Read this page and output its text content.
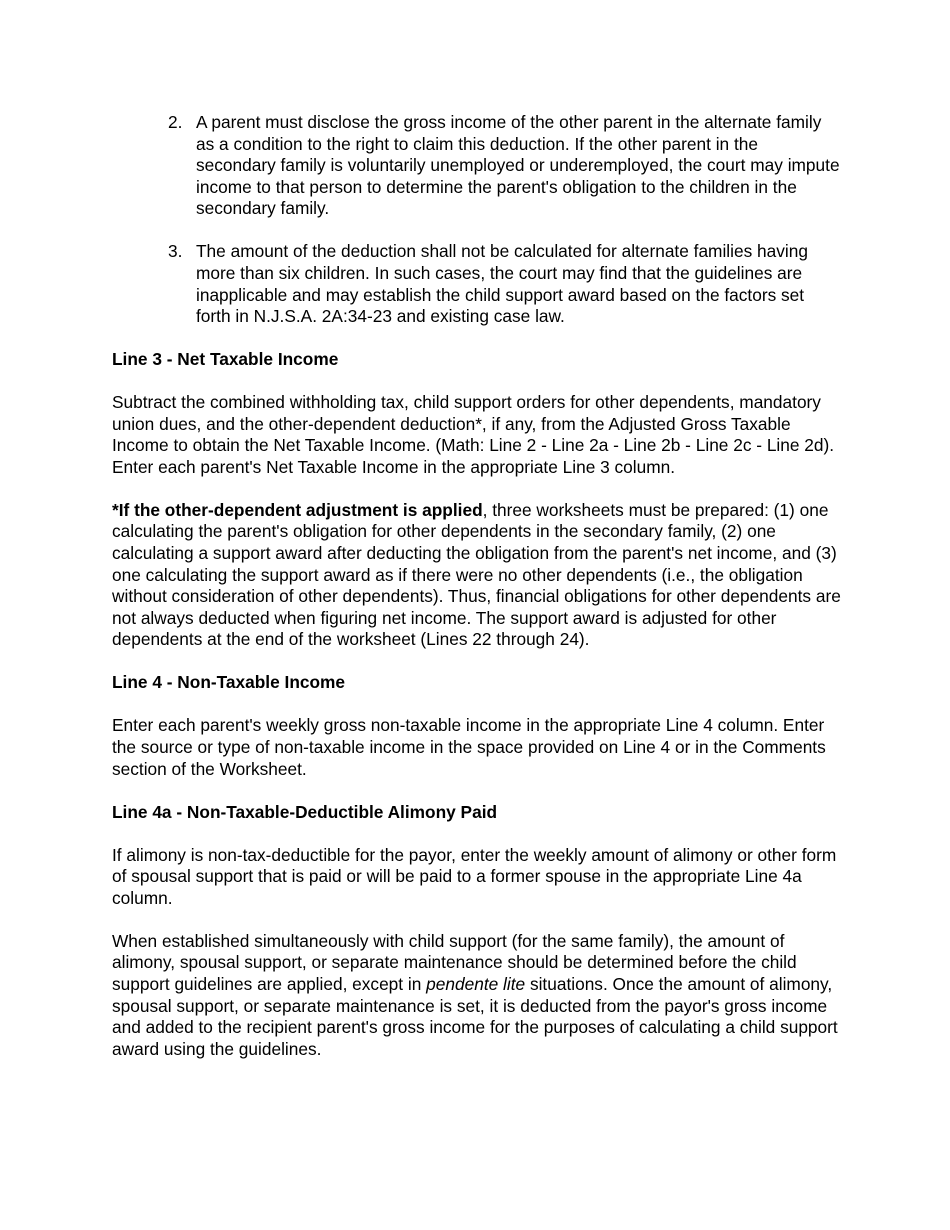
2. A parent must disclose the gross income of the other parent in the alternate family as a condition to the right to claim this deduction. If the other parent in the secondary family is voluntarily unemployed or underemployed, the court may impute income to that person to determine the parent's obligation to the children in the secondary family.
3. The amount of the deduction shall not be calculated for alternate families having more than six children. In such cases, the court may find that the guidelines are inapplicable and may establish the child support award based on the factors set forth in N.J.S.A. 2A:34-23 and existing case law.
Line 3 - Net Taxable Income

Subtract the combined withholding tax, child support orders for other dependents, mandatory union dues, and the other-dependent deduction*, if any, from the Adjusted Gross Taxable Income to obtain the Net Taxable Income. (Math: Line 2 - Line 2a - Line 2b - Line 2c - Line 2d). Enter each parent's Net Taxable Income in the appropriate Line 3 column.

*If the other-dependent adjustment is applied, three worksheets must be prepared: (1) one calculating the parent's obligation for other dependents in the secondary family, (2) one calculating a support award after deducting the obligation from the parent's net income, and (3) one calculating the support award as if there were no other dependents (i.e., the obligation without consideration of other dependents). Thus, financial obligations for other dependents are not always deducted when figuring net income. The support award is adjusted for other dependents at the end of the worksheet (Lines 22 through 24).

Line 4 - Non-Taxable Income

Enter each parent's weekly gross non-taxable income in the appropriate Line 4 column. Enter the source or type of non-taxable income in the space provided on Line 4 or in the Comments section of the Worksheet.

Line 4a - Non-Taxable-Deductible Alimony Paid

If alimony is non-tax-deductible for the payor, enter the weekly amount of alimony or other form of spousal support that is paid or will be paid to a former spouse in the appropriate Line 4a column.

When established simultaneously with child support (for the same family), the amount of alimony, spousal support, or separate maintenance should be determined before the child support guidelines are applied, except in pendente lite situations. Once the amount of alimony, spousal support, or separate maintenance is set, it is deducted from the payor's gross income and added to the recipient parent's gross income for the purposes of calculating a child support award using the guidelines.
